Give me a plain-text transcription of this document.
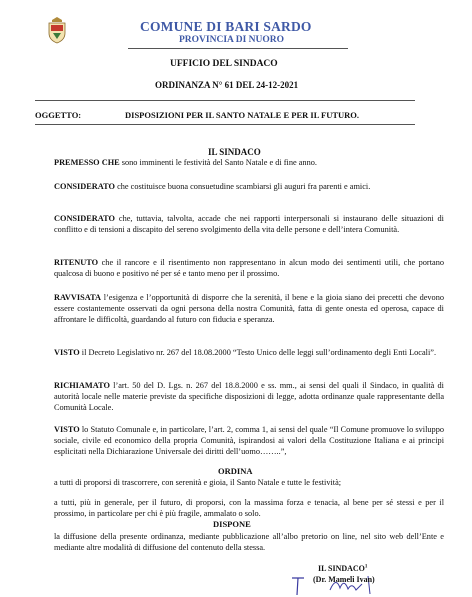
COMUNE DI BARI SARDO
PROVINCIA DI NUORO
UFFICIO DEL SINDACO
ORDINANZA N° 61 DEL 24-12-2021
OGGETTO:	DISPOSIZIONI PER IL SANTO NATALE E PER IL FUTURO.
IL SINDACO

PREMESSO CHE sono imminenti le festività del Santo Natale e di fine anno.

CONSIDERATO che costituisce buona consuetudine scambiarsi gli auguri fra parenti e amici.

CONSIDERATO che, tuttavia, talvolta, accade che nei rapporti interpersonali si instaurano delle situazioni di conflitto e di tensioni a discapito del sereno svolgimento della vita delle persone e dell’intera Comunità.

RITENUTO che il rancore e il risentimento non rappresentano in alcun modo dei sentimenti utili, che portano qualcosa di buono e positivo né per sé e tanto meno per il prossimo.

RAVVISATA l’esigenza e l’opportunità di disporre che la serenità, il bene e la gioia siano dei precetti che devono essere costantemente osservati da ogni persona della nostra Comunità, fatta di gente onesta ed operosa, capace di affrontare le difficoltà, guardando al futuro con fiducia e speranza.

VISTO il Decreto Legislativo nr. 267 del 18.08.2000 “Testo Unico delle leggi sull’ordinamento degli Enti Locali”.

RICHIAMATO l’art. 50 del D. Lgs. n. 267 del 18.8.2000 e ss. mm., ai sensi del quali il Sindaco, in qualità di autorità locale nelle materie previste da specifiche disposizioni di legge, adotta ordinanze quale rappresentante della Comunità Locale.

VISTO lo Statuto Comunale e, in particolare, l’art. 2, comma 1, ai sensi del quale “Il Comune promuove lo sviluppo sociale, civile ed economico della propria Comunità, ispirandosi ai valori della Costituzione Italiana e ai principi esplicitati nella Dichiarazione Universale dei diritti dell’uomo……..”,

ORDINA

a tutti di proporsi di trascorrere, con serenità e gioia, il Santo Natale e tutte le festività;

a tutti, più in generale, per il futuro, di proporsi, con la massima forza e tenacia, al bene per sé stessi e per il prossimo, in particolare per chi è più fragile, ammalato o solo.

DISPONE

la diffusione della presente ordinanza, mediante pubblicazione all’albo pretorio on line, nel sito web dell’Ente e mediante altre modalità di diffusione del contenuto della stessa.

IL SINDACO$^1$
(Dr. Mameli Ivan)
